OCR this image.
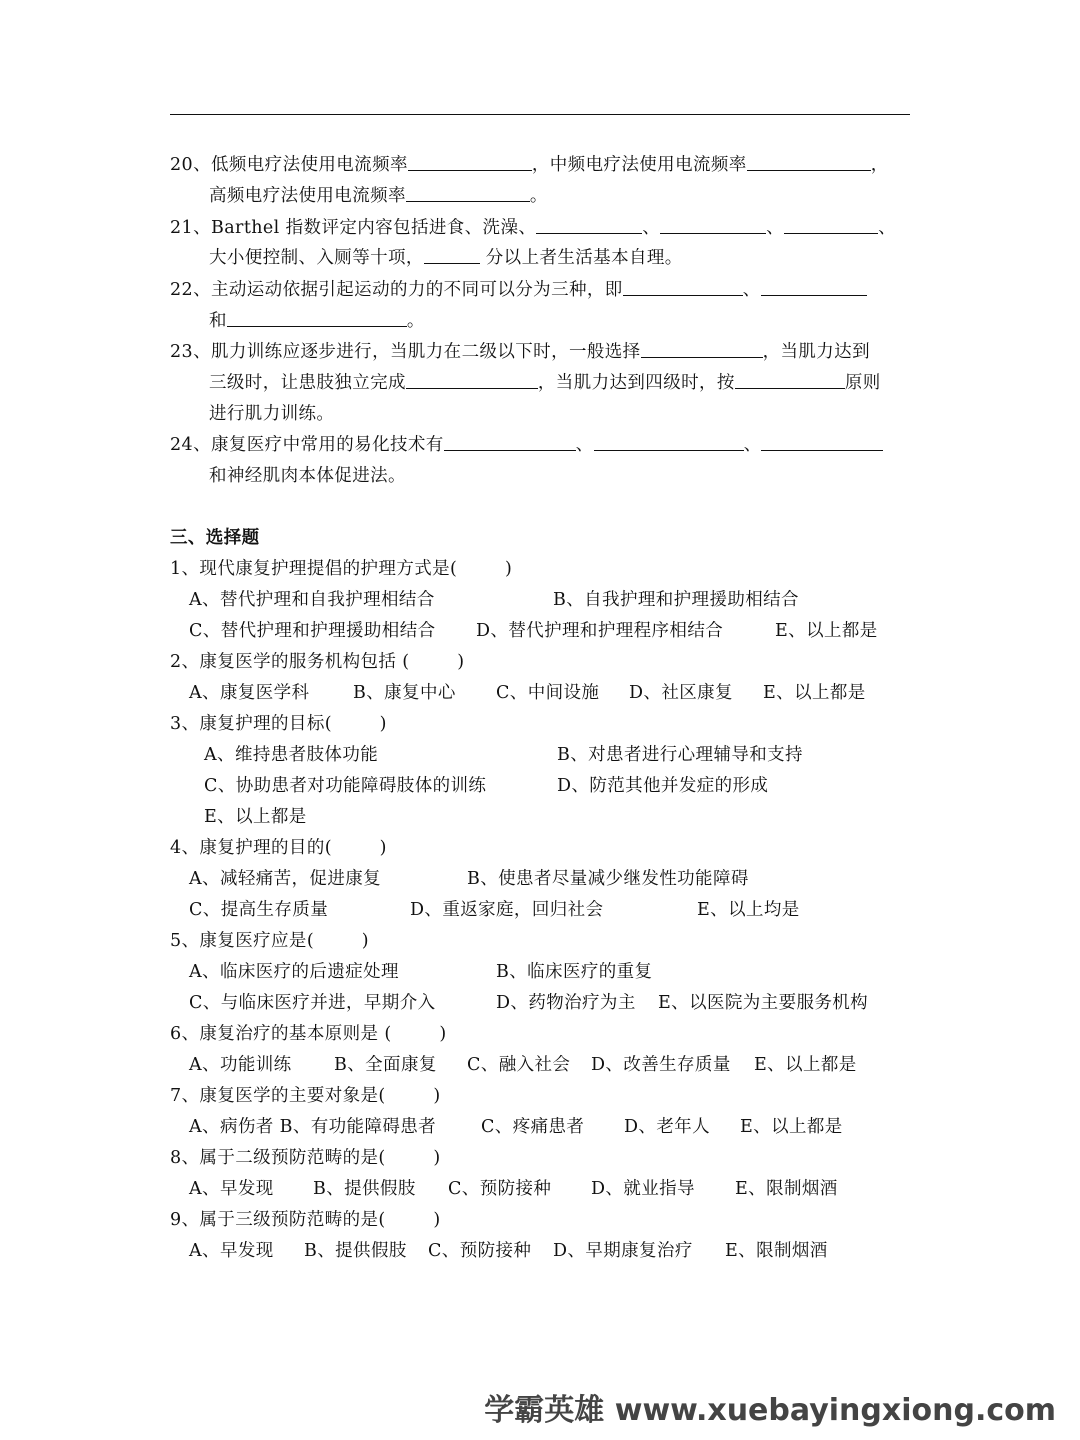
20、低频电疗法使用电流频率	，中频电疗法使用电流频率	，
高频电疗法使用电流频率	。
21、Barthel 指数评定内容包括进食、洗澡、	、	、	、
大小便控制、入厕等十项，	分以上者生活基本自理。
22、主动运动依据引起运动的力的不同可以分为三种，即	、
和	。
23、肌力训练应逐步进行，当肌力在二级以下时，一般选择	，当肌力达到
三级时，让患肢独立完成	，当肌力达到四级时，按	原则
进行肌力训练。
24、康复医疗中常用的易化技术有	、	、
和神经肌肉本体促进法。
三、选择题
1、现代康复护理提倡的护理方式是(        )
A、替代护理和自我护理相结合	B、自我护理和护理援助相结合
C、替代护理和护理援助相结合 D、替代护理和护理程序相结合	E、以上都是
2、康复医学的服务机构包括 (        )
A、康复医学科 B、康复中心 C、中间设施 D、社区康复 E、以上都是
3、康复护理的目标(        )
A、维持患者肢体功能	B、对患者进行心理辅导和支持
C、协助患者对功能障碍肢体的训练	D、防范其他并发症的形成
E、以上都是
4、康复护理的目的(        )
A、减轻痛苦，促进康复	B、使患者尽量减少继发性功能障碍
C、提高生存质量	D、重返家庭，回归社会	E、以上均是
5、康复医疗应是(        )
A、临床医疗的后遗症处理	B、临床医疗的重复
C、与临床医疗并进，早期介入	D、药物治疗为主 E、以医院为主要服务机构
6、康复治疗的基本原则是 (        )
A、功能训练 B、全面康复 C、融入社会 D、改善生存质量 E、以上都是
7、康复医学的主要对象是(        )
A、病伤者 B、有功能障碍患者	C、疼痛患者 D、老年人 E、以上都是
8、属于二级预防范畴的是(        )
A、早发现 B、提供假肢 C、预防接种 D、就业指导 E、限制烟酒
9、属于三级预防范畴的是(        )
A、早发现 B、提供假肢 C、预防接种 D、早期康复治疗 E、限制烟酒
学霸英雄 www.xuebayingxiong.com
